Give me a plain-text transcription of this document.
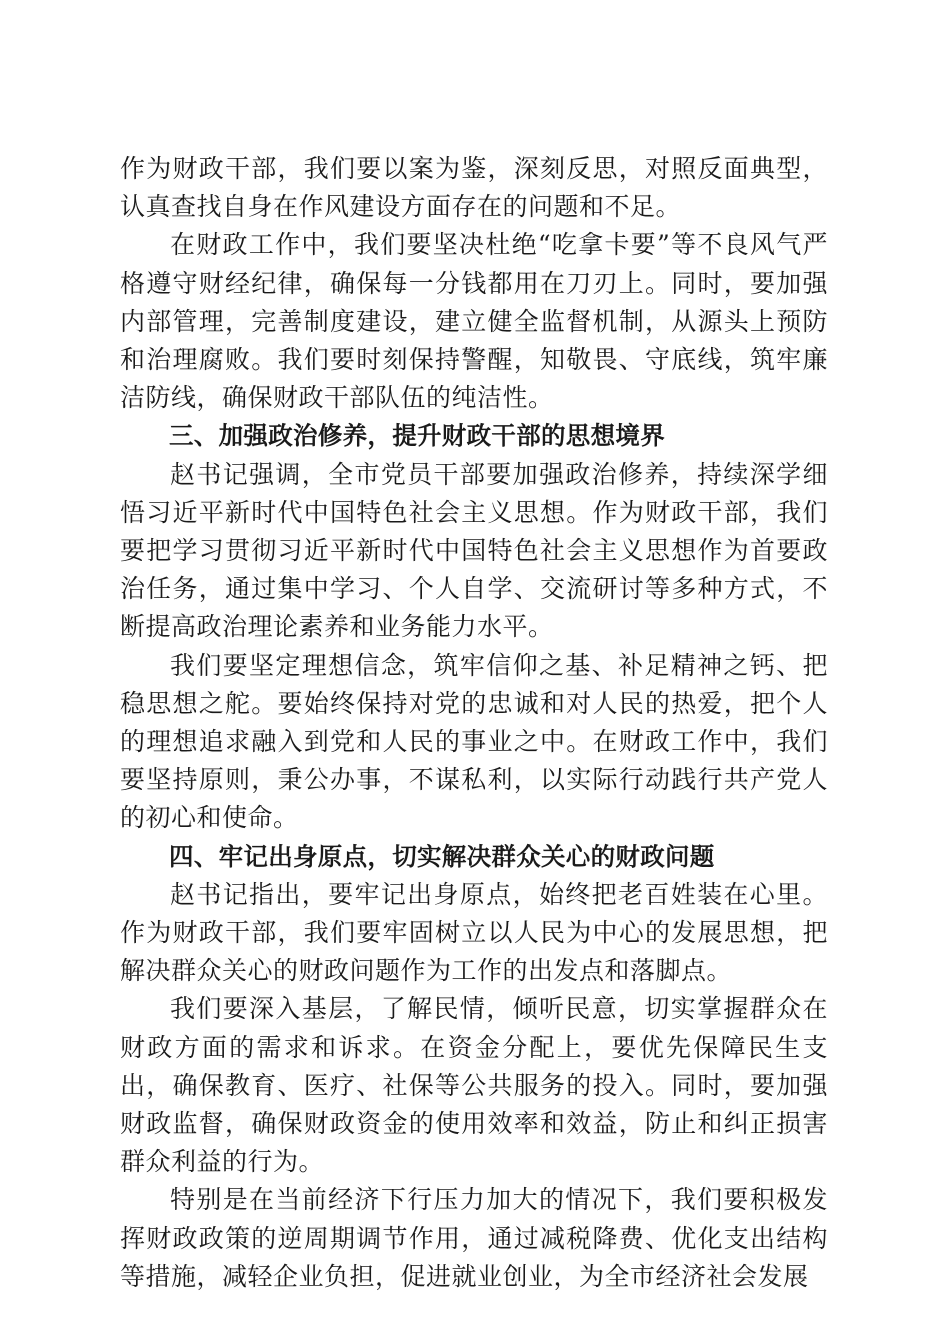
作为财政干部，我们要以案为鉴，深刻反思，对照反面典型，认真查找自身在作风建设方面存在的问题和不足。

在财政工作中，我们要坚决杜绝“吃拿卡要”等不良风气严格遵守财经纪律，确保每一分钱都用在刀刃上。同时，要加强内部管理，完善制度建设，建立健全监督机制，从源头上预防和治理腐败。我们要时刻保持警醒，知敬畏、守底线，筑牢廉洁防线，确保财政干部队伍的纯洁性。

三、加强政治修养，提升财政干部的思想境界

赵书记强调，全市党员干部要加强政治修养，持续深学细悟习近平新时代中国特色社会主义思想。作为财政干部，我们要把学习贯彻习近平新时代中国特色社会主义思想作为首要政治任务，通过集中学习、个人自学、交流研讨等多种方式，不断提高政治理论素养和业务能力水平。

我们要坚定理想信念，筑牢信仰之基、补足精神之钙、把稳思想之舵。要始终保持对党的忠诚和对人民的热爱，把个人的理想追求融入到党和人民的事业之中。在财政工作中，我们要坚持原则，秉公办事，不谋私利，以实际行动践行共产党人的初心和使命。

四、牢记出身原点，切实解决群众关心的财政问题

赵书记指出，要牢记出身原点，始终把老百姓装在心里。作为财政干部，我们要牢固树立以人民为中心的发展思想，把解决群众关心的财政问题作为工作的出发点和落脚点。

我们要深入基层，了解民情，倾听民意，切实掌握群众在财政方面的需求和诉求。在资金分配上，要优先保障民生支出，确保教育、医疗、社保等公共服务的投入。同时，要加强财政监督，确保财政资金的使用效率和效益，防止和纠正损害群众利益的行为。

特别是在当前经济下行压力加大的情况下，我们要积极发挥财政政策的逆周期调节作用，通过减税降费、优化支出结构等措施，减轻企业负担，促进就业创业，为全市经济社会发展
